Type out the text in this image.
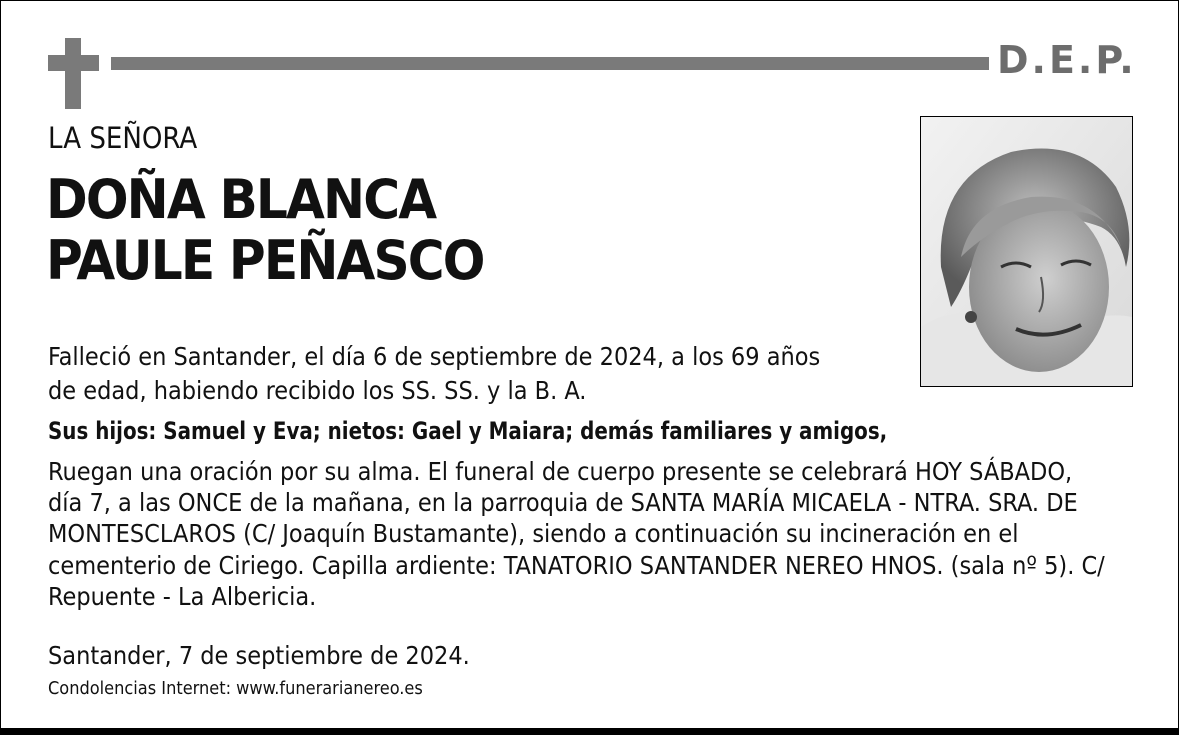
D.E.P.
LA SEÑORA
DOÑA BLANCA
PAULE PEÑASCO
Falleció en Santander, el día 6 de septiembre de 2024, a los 69 años
de edad, habiendo recibido los SS. SS. y la B. A.
Sus hijos: Samuel y Eva; nietos: Gael y Maiara; demás familiares y amigos,
Ruegan una oración por su alma. El funeral de cuerpo presente se celebrará HOY SÁBADO, día 7, a las ONCE de la mañana, en la parroquia de SANTA MARÍA MICAELA - NTRA. SRA. DE MONTESCLAROS (C/ Joaquín Bustamante), siendo a continuación su incineración en el cementerio de Ciriego. Capilla ardiente: TANATORIO SANTANDER NEREO HNOS. (sala nº 5). C/ Repuente - La Albericia.
Santander, 7 de septiembre de 2024.
Condolencias Internet: www.funerarianereo.es
